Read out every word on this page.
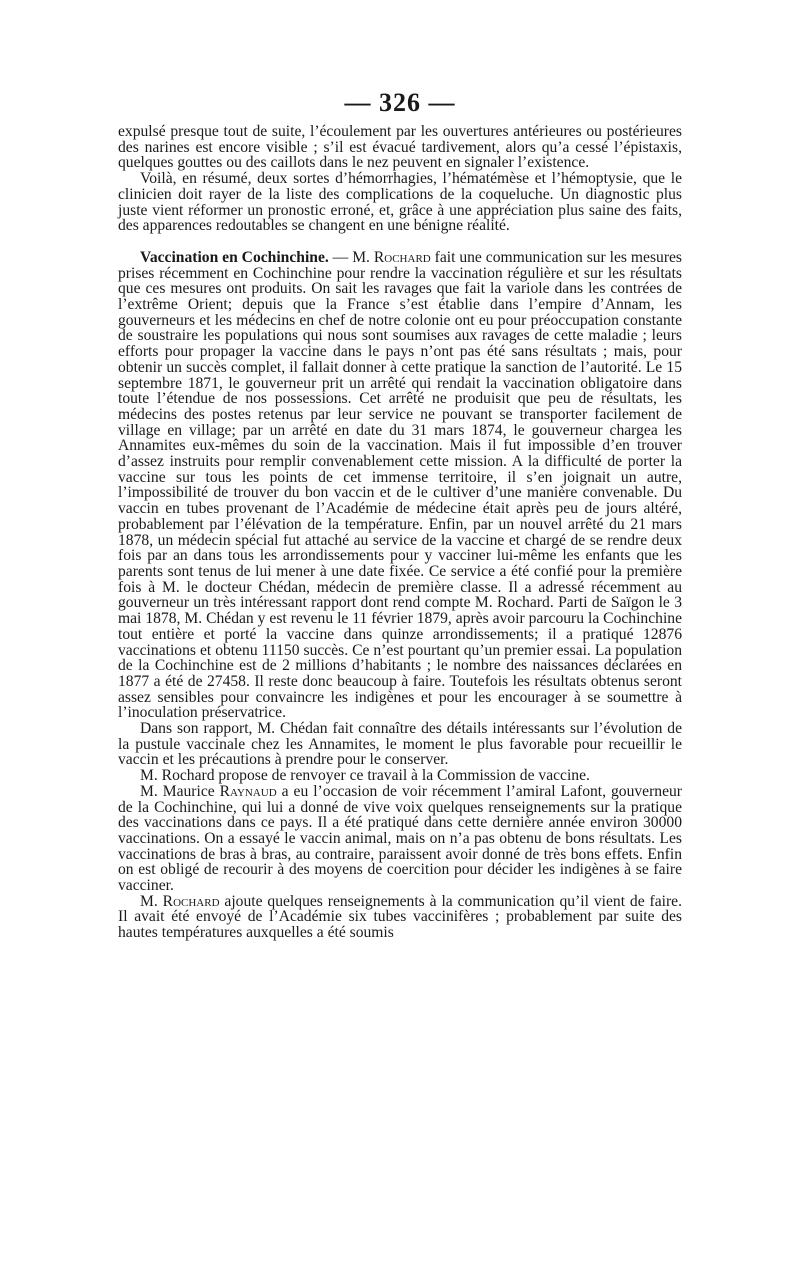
— 326 —

expulsé presque tout de suite, l’écoulement par les ouvertures antérieures ou postérieures des narines est encore visible ; s’il est évacué tardivement, alors qu’a cessé l’épistaxis, quelques gouttes ou des caillots dans le nez peuvent en signaler l’existence.

Voilà, en résumé, deux sortes d’hémorrhagies, l’hématémèse et l’hémoptysie, que le clinicien doit rayer de la liste des complications de la coqueluche. Un diagnostic plus juste vient réformer un pronostic erroné, et, grâce à une appréciation plus saine des faits, des apparences redoutables se changent en une bénigne réalité.

Vaccination en Cochinchine. — M. Rochard fait une communication sur les mesures prises récemment en Cochinchine pour rendre la vaccination régulière et sur les résultats que ces mesures ont produits. On sait les ravages que fait la variole dans les contrées de l’extrême Orient; depuis que la France s’est établie dans l’empire d’Annam, les gouverneurs et les médecins en chef de notre colonie ont eu pour préoccupation constante de soustraire les populations qui nous sont soumises aux ravages de cette maladie ; leurs efforts pour propager la vaccine dans le pays n’ont pas été sans résultats ; mais, pour obtenir un succès complet, il fallait donner à cette pratique la sanction de l’autorité. Le 15 septembre 1871, le gouverneur prit un arrêté qui rendait la vaccination obligatoire dans toute l’étendue de nos possessions. Cet arrêté ne produisit que peu de résultats, les médecins des postes retenus par leur service ne pouvant se transporter facilement de village en village; par un arrêté en date du 31 mars 1874, le gouverneur chargea les Annamites eux-mêmes du soin de la vaccination. Mais il fut impossible d’en trouver d’assez instruits pour remplir convenablement cette mission. A la difficulté de porter la vaccine sur tous les points de cet immense territoire, il s’en joignait un autre, l’impossibilité de trouver du bon vaccin et de le cultiver d’une manière convenable. Du vaccin en tubes provenant de l’Académie de médecine était après peu de jours altéré, probablement par l’élévation de la température. Enfin, par un nouvel arrêté du 21 mars 1878, un médecin spécial fut attaché au service de la vaccine et chargé de se rendre deux fois par an dans tous les arrondissements pour y vacciner lui-même les enfants que les parents sont tenus de lui mener à une date fixée. Ce service a été confié pour la première fois à M. le docteur Chédan, médecin de première classe. Il a adressé récemment au gouverneur un très intéressant rapport dont rend compte M. Rochard. Parti de Saïgon le 3 mai 1878, M. Chédan y est revenu le 11 février 1879, après avoir parcouru la Cochinchine tout entière et porté la vaccine dans quinze arrondissements; il a pratiqué 12876 vaccinations et obtenu 11150 succès. Ce n’est pourtant qu’un premier essai. La population de la Cochinchine est de 2 millions d’habitants ; le nombre des naissances déclarées en 1877 a été de 27458. Il reste donc beaucoup à faire. Toutefois les résultats obtenus seront assez sensibles pour convaincre les indigènes et pour les encourager à se soumettre à l’inoculation préservatrice.

Dans son rapport, M. Chédan fait connaître des détails intéressants sur l’évolution de la pustule vaccinale chez les Annamites, le moment le plus favorable pour recueillir le vaccin et les précautions à prendre pour le conserver.

M. Rochard propose de renvoyer ce travail à la Commission de vaccine.

M. Maurice Raynaud a eu l’occasion de voir récemment l’amiral Lafont, gouverneur de la Cochinchine, qui lui a donné de vive voix quelques renseignements sur la pratique des vaccinations dans ce pays. Il a été pratiqué dans cette dernière année environ 30000 vaccinations. On a essayé le vaccin animal, mais on n’a pas obtenu de bons résultats. Les vaccinations de bras à bras, au contraire, paraissent avoir donné de très bons effets. Enfin on est obligé de recourir à des moyens de coercition pour décider les indigènes à se faire vacciner.

M. Rochard ajoute quelques renseignements à la communication qu’il vient de faire. Il avait été envoyé de l’Académie six tubes vaccinifères ; probablement par suite des hautes températures auxquelles a été soumis
